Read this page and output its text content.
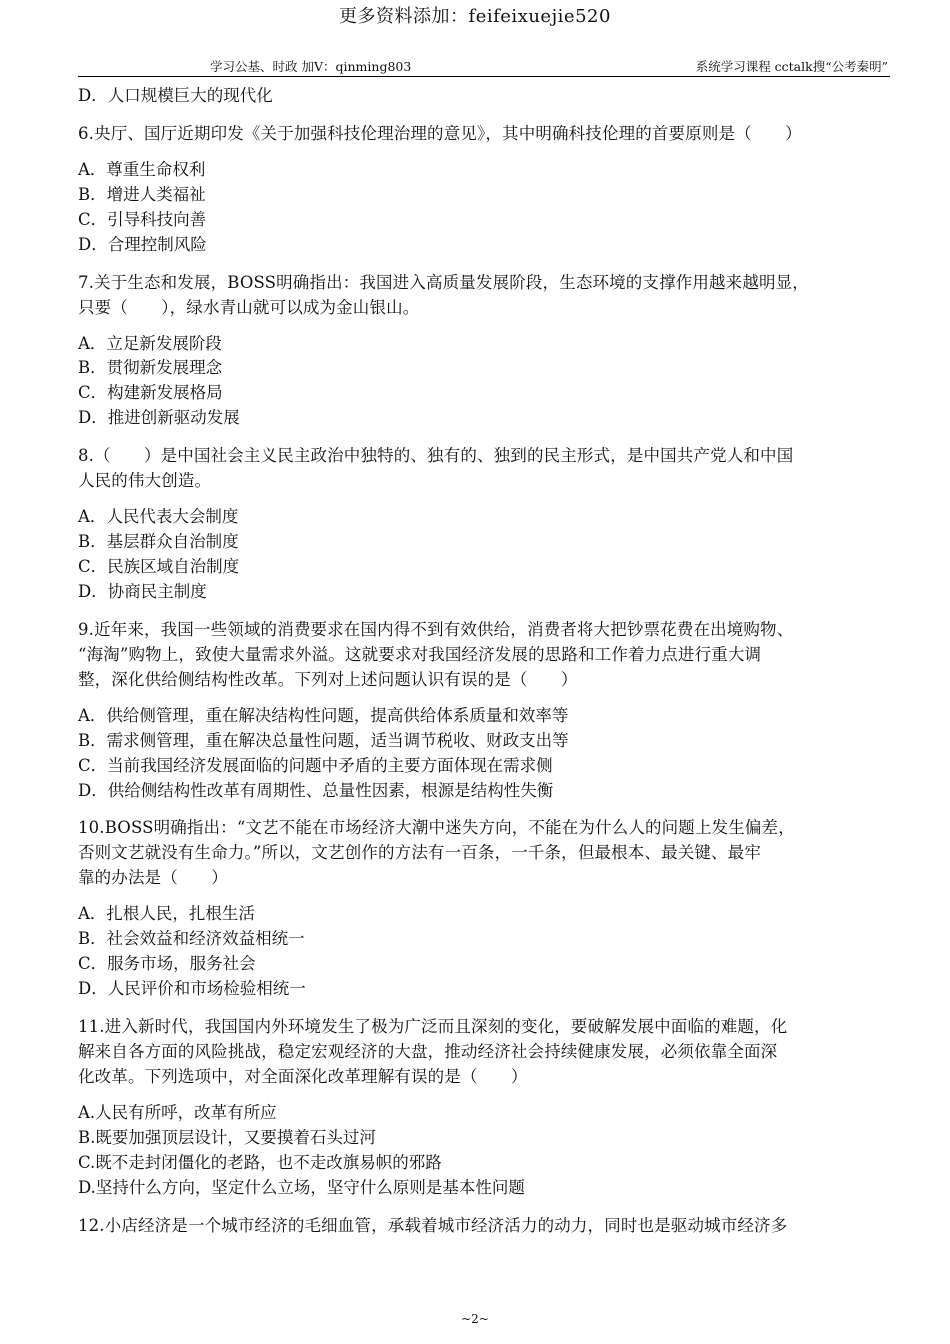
更多资料添加：feifeixuejie520
学习公基、时政 加V：qinming803	系统学习课程 cctalk搜“公考秦明”
D．人口规模巨大的现代化
6.央厅、国厅近期印发《关于加强科技伦理治理的意见》，其中明确科技伦理的首要原则是（　　）
A．尊重生命权利
B．增进人类福祉
C．引导科技向善
D．合理控制风险
7.关于生态和发展，BOSS明确指出：我国进入高质量发展阶段，生态环境的支撑作用越来越明显，
只要（　　），绿水青山就可以成为金山银山。
A．立足新发展阶段
B．贯彻新发展理念
C．构建新发展格局
D．推进创新驱动发展
8.（　　）是中国社会主义民主政治中独特的、独有的、独到的民主形式，是中国共产党人和中国
人民的伟大创造。
A．人民代表大会制度
B．基层群众自治制度
C．民族区域自治制度
D．协商民主制度
9.近年来，我国一些领域的消费要求在国内得不到有效供给，消费者将大把钞票花费在出境购物、
“海淘”购物上，致使大量需求外溢。这就要求对我国经济发展的思路和工作着力点进行重大调
整，深化供给侧结构性改革。下列对上述问题认识有误的是（　　）
A．供给侧管理，重在解决结构性问题，提高供给体系质量和效率等
B．需求侧管理，重在解决总量性问题，适当调节税收、财政支出等
C．当前我国经济发展面临的问题中矛盾的主要方面体现在需求侧
D．供给侧结构性改革有周期性、总量性因素，根源是结构性失衡
10.BOSS明确指出：“文艺不能在市场经济大潮中迷失方向，不能在为什么人的问题上发生偏差，
否则文艺就没有生命力。”所以，文艺创作的方法有一百条，一千条，但最根本、最关键、最牢
靠的办法是（　　）
A．扎根人民，扎根生活
B．社会效益和经济效益相统一
C．服务市场，服务社会
D．人民评价和市场检验相统一
11.进入新时代，我国国内外环境发生了极为广泛而且深刻的变化，要破解发展中面临的难题，化
解来自各方面的风险挑战，稳定宏观经济的大盘，推动经济社会持续健康发展，必须依靠全面深
化改革。下列选项中，对全面深化改革理解有误的是（　　）
A.人民有所呼，改革有所应
B.既要加强顶层设计，又要摸着石头过河
C.既不走封闭僵化的老路，也不走改旗易帜的邪路
D.坚持什么方向，坚定什么立场，坚守什么原则是基本性问题
12.小店经济是一个城市经济的毛细血管，承载着城市经济活力的动力，同时也是驱动城市经济多
~2~
